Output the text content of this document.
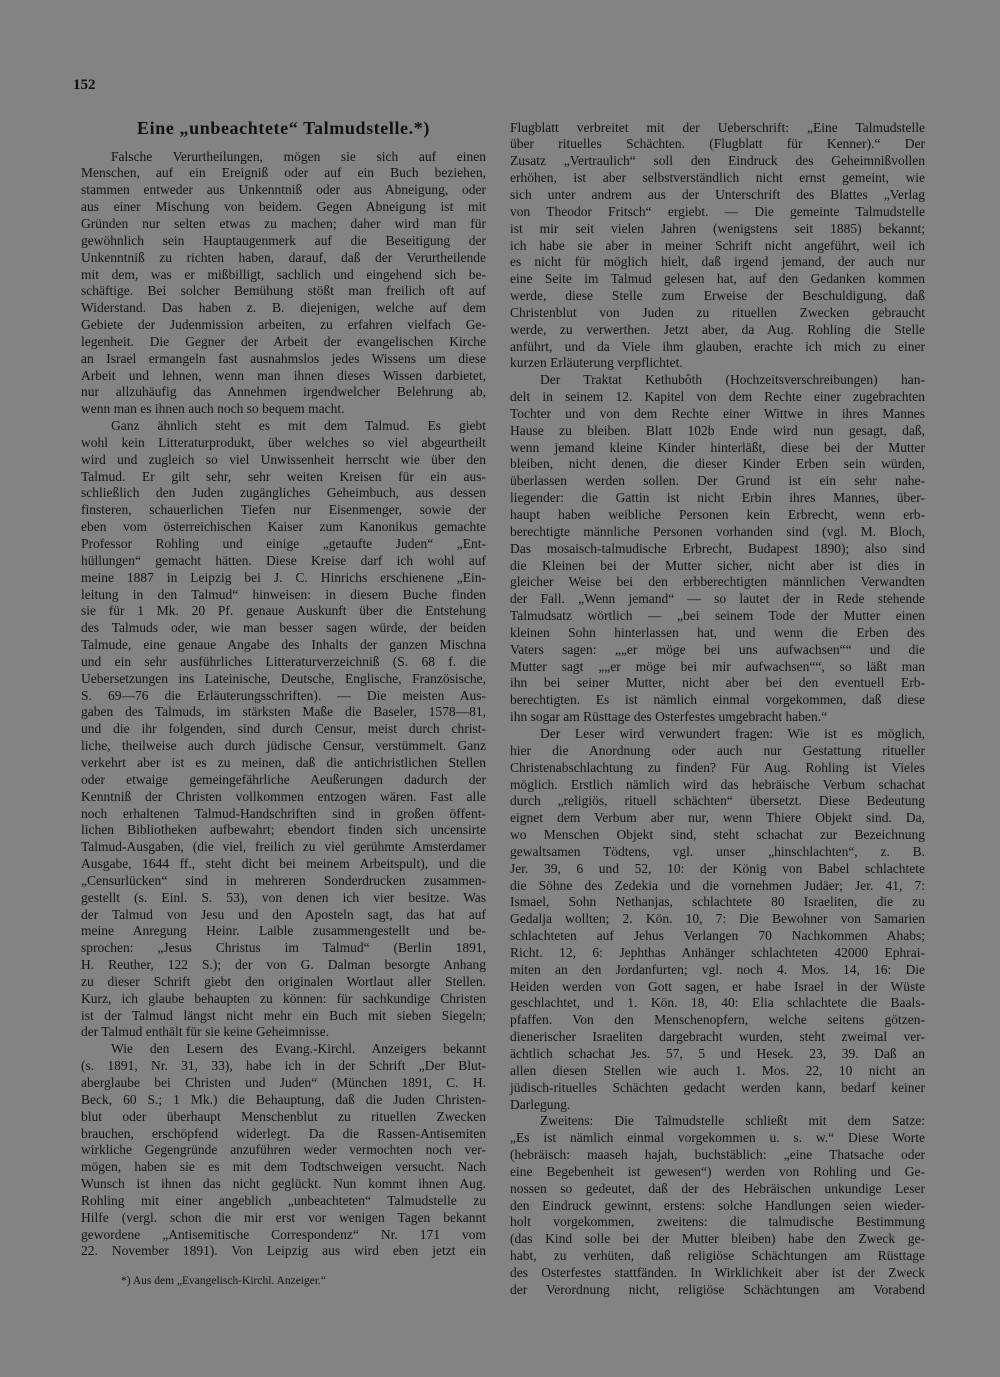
152
Eine „unbeachtete“ Talmudstelle.*)
Falsche Verurtheilungen, mögen sie sich auf einen
Menschen, auf ein Ereigniß oder auf ein Buch beziehen,
stammen entweder aus Unkenntniß oder aus Abneigung, oder
aus einer Mischung von beidem. Gegen Abneigung ist mit
Gründen nur selten etwas zu machen; daher wird man für
gewöhnlich sein Hauptaugenmerk auf die Beseitigung der
Unkenntniß zu richten haben, darauf, daß der Verurtheilende
mit dem, was er mißbilligt, sachlich und eingehend sich be-
schäftige. Bei solcher Bemühung stößt man freilich oft auf
Widerstand. Das haben z. B. diejenigen, welche auf dem
Gebiete der Judenmission arbeiten, zu erfahren vielfach Ge-
legenheit. Die Gegner der Arbeit der evangelischen Kirche
an Israel ermangeln fast ausnahmslos jedes Wissens um diese
Arbeit und lehnen, wenn man ihnen dieses Wissen darbietet,
nur allzuhäufig das Annehmen irgendwelcher Belehrung ab,
wenn man es ihnen auch noch so bequem macht.
Ganz ähnlich steht es mit dem Talmud. Es giebt
wohl kein Litteraturprodukt, über welches so viel abgeurtheilt
wird und zugleich so viel Unwissenheit herrscht wie über den
Talmud. Er gilt sehr, sehr weiten Kreisen für ein aus-
schließlich den Juden zugängliches Geheimbuch, aus dessen
finsteren, schauerlichen Tiefen nur Eisenmenger, sowie der
eben vom österreichischen Kaiser zum Kanonikus gemachte
Professor Rohling und einige „getaufte Juden“ „Ent-
hüllungen“ gemacht hätten. Diese Kreise darf ich wohl auf
meine 1887 in Leipzig bei J. C. Hinrichs erschienene „Ein-
leitung in den Talmud“ hinweisen: in diesem Buche finden
sie für 1 Mk. 20 Pf. genaue Auskunft über die Entstehung
des Talmuds oder, wie man besser sagen würde, der beiden
Talmude, eine genaue Angabe des Inhalts der ganzen Mischna
und ein sehr ausführliches Litteraturverzeichniß (S. 68 f. die
Uebersetzungen ins Lateinische, Deutsche, Englische, Französische,
S. 69—76 die Erläuterungsschriften). — Die meisten Aus-
gaben des Talmuds, im stärksten Maße die Baseler, 1578—81,
und die ihr folgenden, sind durch Censur, meist durch christ-
liche, theilweise auch durch jüdische Censur, verstümmelt. Ganz
verkehrt aber ist es zu meinen, daß die antichristlichen Stellen
oder etwaige gemeingefährliche Aeußerungen dadurch der
Kenntniß der Christen vollkommen entzogen wären. Fast alle
noch erhaltenen Talmud-Handschriften sind in großen öffent-
lichen Bibliotheken aufbewahrt; ebendort finden sich uncensirte
Talmud-Ausgaben, (die viel, freilich zu viel gerühmte Amsterdamer
Ausgabe, 1644 ff., steht dicht bei meinem Arbeitspult), und die
„Censurlücken“ sind in mehreren Sonderdrucken zusammen-
gestellt (s. Einl. S. 53), von denen ich vier besitze. Was
der Talmud von Jesu und den Aposteln sagt, das hat auf
meine Anregung Heinr. Laible zusammengestellt und be-
sprochen: „Jesus Christus im Talmud“ (Berlin 1891,
H. Reuther, 122 S.); der von G. Dalman besorgte Anhang
zu dieser Schrift giebt den originalen Wortlaut aller Stellen.
Kurz, ich glaube behaupten zu können: für sachkundige Christen
ist der Talmud längst nicht mehr ein Buch mit sieben Siegeln;
der Talmud enthält für sie keine Geheimnisse.
Wie den Lesern des Evang.-Kirchl. Anzeigers bekannt
(s. 1891, Nr. 31, 33), habe ich in der Schrift „Der Blut-
aberglaube bei Christen und Juden“ (München 1891, C. H.
Beck, 60 S.; 1 Mk.) die Behauptung, daß die Juden Christen-
blut oder überhaupt Menschenblut zu rituellen Zwecken
brauchen, erschöpfend widerlegt. Da die Rassen-Antisemiten
wirkliche Gegengründe anzuführen weder vermochten noch ver-
mögen, haben sie es mit dem Todtschweigen versucht. Nach
Wunsch ist ihnen das nicht geglückt. Nun kommt ihnen Aug.
Rohling mit einer angeblich „unbeachteten“ Talmudstelle zu
Hilfe (vergl. schon die mir erst vor wenigen Tagen bekannt
gewordene „Antisemitische Correspondenz“ Nr. 171 vom
22. November 1891). Von Leipzig aus wird eben jetzt ein
Flugblatt verbreitet mit der Ueberschrift: „Eine Talmudstelle
über rituelles Schächten. (Flugblatt für Kenner).“ Der
Zusatz „Vertraulich“ soll den Eindruck des Geheimnißvollen
erhöhen, ist aber selbstverständlich nicht ernst gemeint, wie
sich unter andrem aus der Unterschrift des Blattes „Verlag
von Theodor Fritsch“ ergiebt. — Die gemeinte Talmudstelle
ist mir seit vielen Jahren (wenigstens seit 1885) bekannt;
ich habe sie aber in meiner Schrift nicht angeführt, weil ich
es nicht für möglich hielt, daß irgend jemand, der auch nur
eine Seite im Talmud gelesen hat, auf den Gedanken kommen
werde, diese Stelle zum Erweise der Beschuldigung, daß
Christenblut von Juden zu rituellen Zwecken gebraucht
werde, zu verwerthen. Jetzt aber, da Aug. Rohling die Stelle
anführt, und da Viele ihm glauben, erachte ich mich zu einer
kurzen Erläuterung verpflichtet.
Der Traktat Kethubôth (Hochzeitsverschreibungen) han-
delt in seinem 12. Kapitel von dem Rechte einer zugebrachten
Tochter und von dem Rechte einer Wittwe in ihres Mannes
Hause zu bleiben. Blatt 102b Ende wird nun gesagt, daß,
wenn jemand kleine Kinder hinterläßt, diese bei der Mutter
bleiben, nicht denen, die dieser Kinder Erben sein würden,
überlassen werden sollen. Der Grund ist ein sehr nahe-
liegender: die Gattin ist nicht Erbin ihres Mannes, über-
haupt haben weibliche Personen kein Erbrecht, wenn erb-
berechtigte männliche Personen vorhanden sind (vgl. M. Bloch,
Das mosaisch-talmudische Erbrecht, Budapest 1890); also sind
die Kleinen bei der Mutter sicher, nicht aber ist dies in
gleicher Weise bei den erbberechtigten männlichen Verwandten
der Fall. „Wenn jemand“ — so lautet der in Rede stehende
Talmudsatz wörtlich — „bei seinem Tode der Mutter einen
kleinen Sohn hinterlassen hat, und wenn die Erben des
Vaters sagen: „„er möge bei uns aufwachsen““ und die
Mutter sagt „„er möge bei mir aufwachsen““, so läßt man
ihn bei seiner Mutter, nicht aber bei den eventuell Erb-
berechtigten. Es ist nämlich einmal vorgekommen, daß diese
ihn sogar am Rüsttage des Osterfestes umgebracht haben.“
Der Leser wird verwundert fragen: Wie ist es möglich,
hier die Anordnung oder auch nur Gestattung ritueller
Christenabschlachtung zu finden? Für Aug. Rohling ist Vieles
möglich. Erstlich nämlich wird das hebräische Verbum schachat
durch „religiös, rituell schächten“ übersetzt. Diese Bedeutung
eignet dem Verbum aber nur, wenn Thiere Objekt sind. Da,
wo Menschen Objekt sind, steht schachat zur Bezeichnung
gewaltsamen Tödtens, vgl. unser „hinschlachten“, z. B.
Jer. 39, 6 und 52, 10: der König von Babel schlachtete
die Söhne des Zedekia und die vornehmen Judäer; Jer. 41, 7:
Ismael, Sohn Nethanjas, schlachtete 80 Israeliten, die zu
Gedalja wollten; 2. Kön. 10, 7: Die Bewohner von Samarien
schlachteten auf Jehus Verlangen 70 Nachkommen Ahabs;
Richt. 12, 6: Jephthas Anhänger schlachteten 42000 Ephrai-
miten an den Jordanfurten; vgl. noch 4. Mos. 14, 16: Die
Heiden werden von Gott sagen, er habe Israel in der Wüste
geschlachtet, und 1. Kön. 18, 40: Elia schlachtete die Baals-
pfaffen. Von den Menschenopfern, welche seitens götzen-
dienerischer Israeliten dargebracht wurden, steht zweimal ver-
ächtlich schachat Jes. 57, 5 und Hesek. 23, 39. Daß an
allen diesen Stellen wie auch 1. Mos. 22, 10 nicht an
jüdisch-rituelles Schächten gedacht werden kann, bedarf keiner
Darlegung.
Zweitens: Die Talmudstelle schließt mit dem Satze:
„Es ist nämlich einmal vorgekommen u. s. w.“ Diese Worte
(hebräisch: maaseh hajah, buchstäblich: „eine Thatsache oder
eine Begebenheit ist gewesen“) werden von Rohling und Ge-
nossen so gedeutet, daß der des Hebräischen unkundige Leser
den Eindruck gewinnt, erstens: solche Handlungen seien wieder-
holt vorgekommen, zweitens: die talmudische Bestimmung
(das Kind solle bei der Mutter bleiben) habe den Zweck ge-
habt, zu verhüten, daß religiöse Schächtungen am Rüsttage
des Osterfestes stattfänden. In Wirklichkeit aber ist der Zweck
der Verordnung nicht, religiöse Schächtungen am Vorabend
*) Aus dem „Evangelisch-Kirchl. Anzeiger.“
